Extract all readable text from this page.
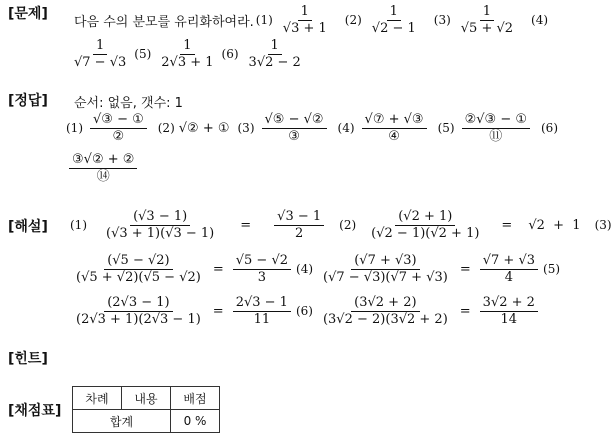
[문제]
[정답]
[해설]
[힌트]
[채점표]
다음 수의 분모를 유리화하여라. $(1) \frac{1}{√3 + 1} (2) \frac{1}{√2 - 1} (3) \frac{1}{√5 + √2} (4)$
$\frac{1}{√7 - √3} (5) \frac{1}{2√3 + 1} (6) \frac{1}{3√2 - 2}$
순서: 없음, 갯수: 1
$(1) \frac{\text{√③ − ①}}{\text{②}} (2)$ √② + ① $(3) \frac{\text{√⑤ − √②}}{\text{③}} (4) \frac{\text{√⑦ + √③}}{\text{④}} (5) \frac{\text{②√③ − ①}}{\text{⑪}} (6)$
$\frac{\text{③√② + ②}}{\text{⑭}}$
$(1) \frac{(√3 - 1)}{(√3 + 1)(√3 - 1)} = \frac{√3 - 1}{2} (2) \frac{(√2 + 1)}{(√2 - 1)(√2 + 1)} = √2 + 1$ (3)
$\frac{(√5 - √2)}{(√5 + √2)(√5 - √2)} = \frac{√5 - √2}{3} (4) \frac{(√7 + √3)}{(√7 - √3)(√7 + √3)} = \frac{√7 + √3}{4} (5)$
$\frac{(2√3 - 1)}{(2√3 + 1)(2√3 - 1)} = \frac{2√3 - 1}{11} (6) \frac{(3√2 + 2)}{(3√2 - 2)(3√2 + 2)} = \frac{3√2 + 2}{14}$
차례	내용	배점
합계		0 %
